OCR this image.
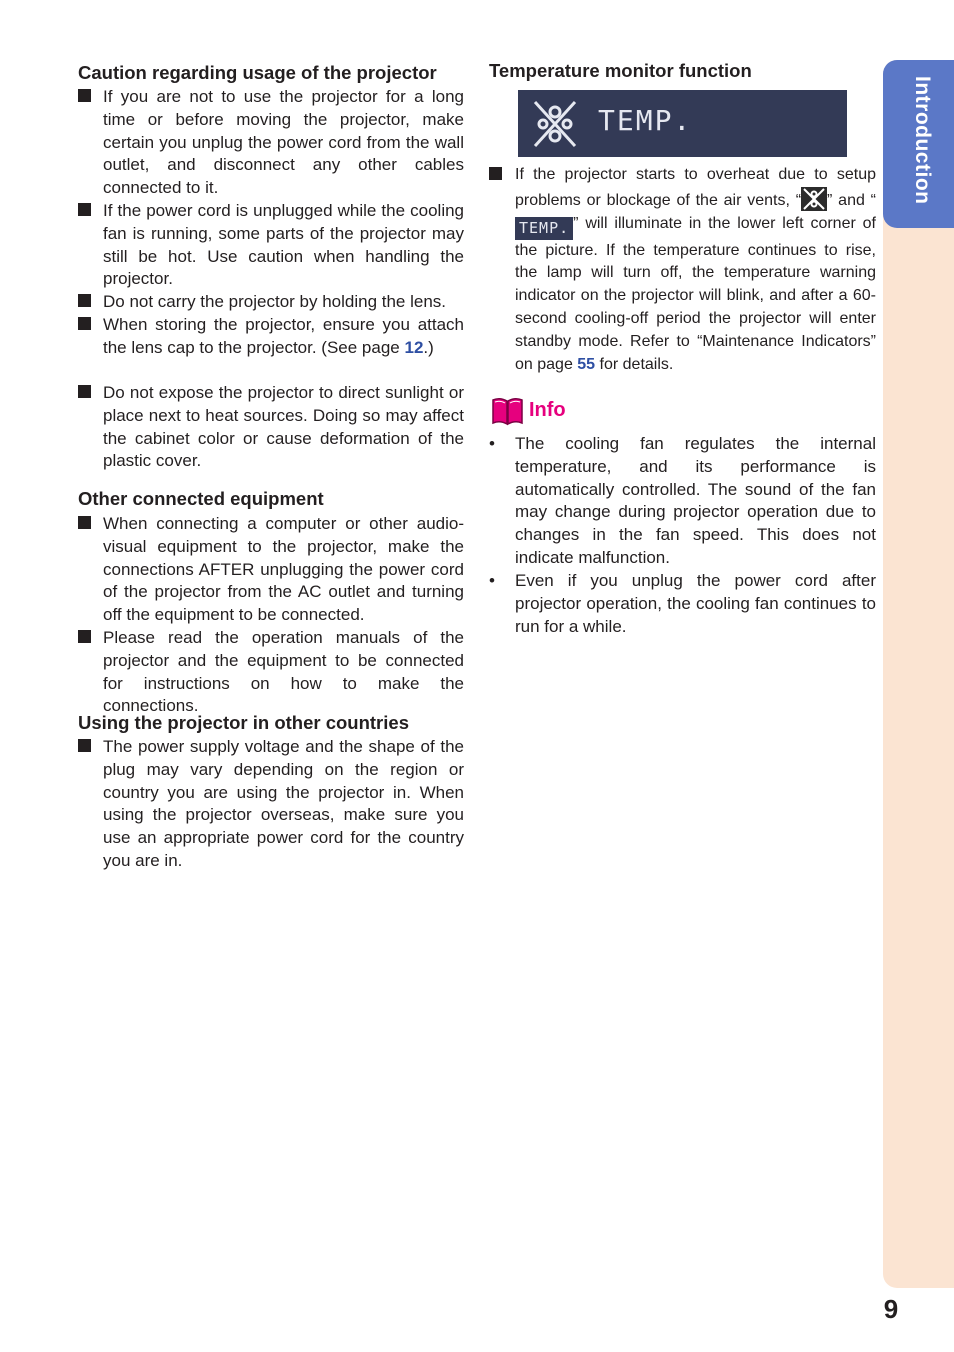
Introduction
Caution regarding usage of the projector
If you are not to use the projector for a long time or before moving the projector, make certain you unplug the power cord from the wall outlet, and disconnect any other cables connected to it.
If the power cord is unplugged while the cooling fan is running, some parts of the projector may still be hot. Use caution when handling the projector.
Do not carry the projector by holding the lens.
When storing the projector, ensure you attach the lens cap to the projector. (See page 12.)
Do not expose the projector to direct sunlight or place next to heat sources. Doing so may affect the cabinet color or cause deformation of the plastic cover.
Other connected equipment
When connecting a computer or other audio-visual equipment to the projector, make the connections AFTER unplugging the power cord of the projector from the AC outlet and turning off the equipment to be connected.
Please read the operation manuals of the projector and the equipment to be connected for instructions on how to make the connections.
Using the projector in other countries
The power supply voltage and the shape of the plug may vary depending on the region or country you are using the projector in. When using the projector overseas, make sure you use an appropriate power cord for the country you are in.
Temperature monitor function
TEMP.
If the projector starts to overheat due to setup problems or blockage of the air vents, “ ” and “TEMP. ” will illuminate in the lower left corner of the picture. If the temperature continues to rise, the lamp will turn off, the temperature warning indicator on the projector will blink, and after a 60-second cooling-off period the projector will enter standby mode. Refer to “Maintenance Indicators” on page 55 for details.
Info
• The cooling fan regulates the internal temperature, and its performance is automatically controlled. The sound of the fan may change during projector operation due to changes in the fan speed. This does not indicate malfunction.
• Even if you unplug the power cord after projector operation, the cooling fan continues to run for a while.
9
